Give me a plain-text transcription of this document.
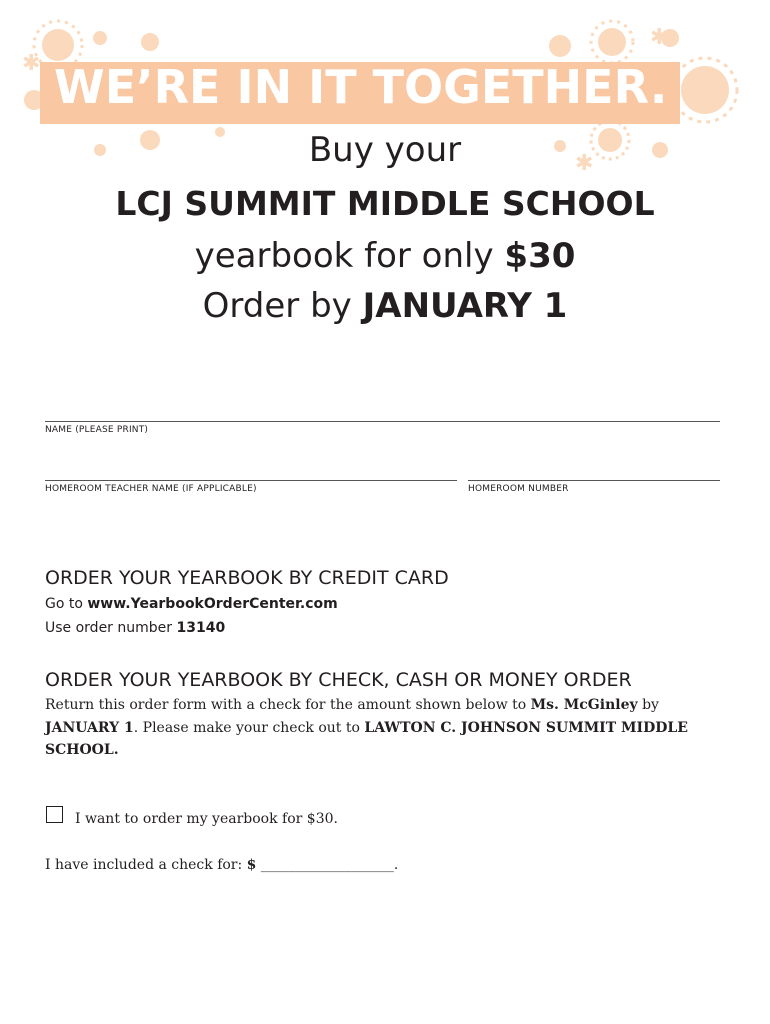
✱
✱
✱ WE’RE IN IT TOGETHER.
Buy your
LCJ SUMMIT MIDDLE SCHOOL
yearbook for only $30
Order by JANUARY 1
NAME (PLEASE PRINT)
HOMEROOM TEACHER NAME (IF APPLICABLE)	HOMEROOM NUMBER
ORDER YOUR YEARBOOK BY CREDIT CARD
Go to www.YearbookOrderCenter.com
Use order number 13140
ORDER YOUR YEARBOOK BY CHECK, CASH OR MONEY ORDER
Return this order form with a check for the amount shown below to Ms. McGinley by JANUARY 1. Please make your check out to LAWTON C. JOHNSON SUMMIT MIDDLE SCHOOL.
I want to order my yearbook for $30.
I have included a check for: $ ___________________.
